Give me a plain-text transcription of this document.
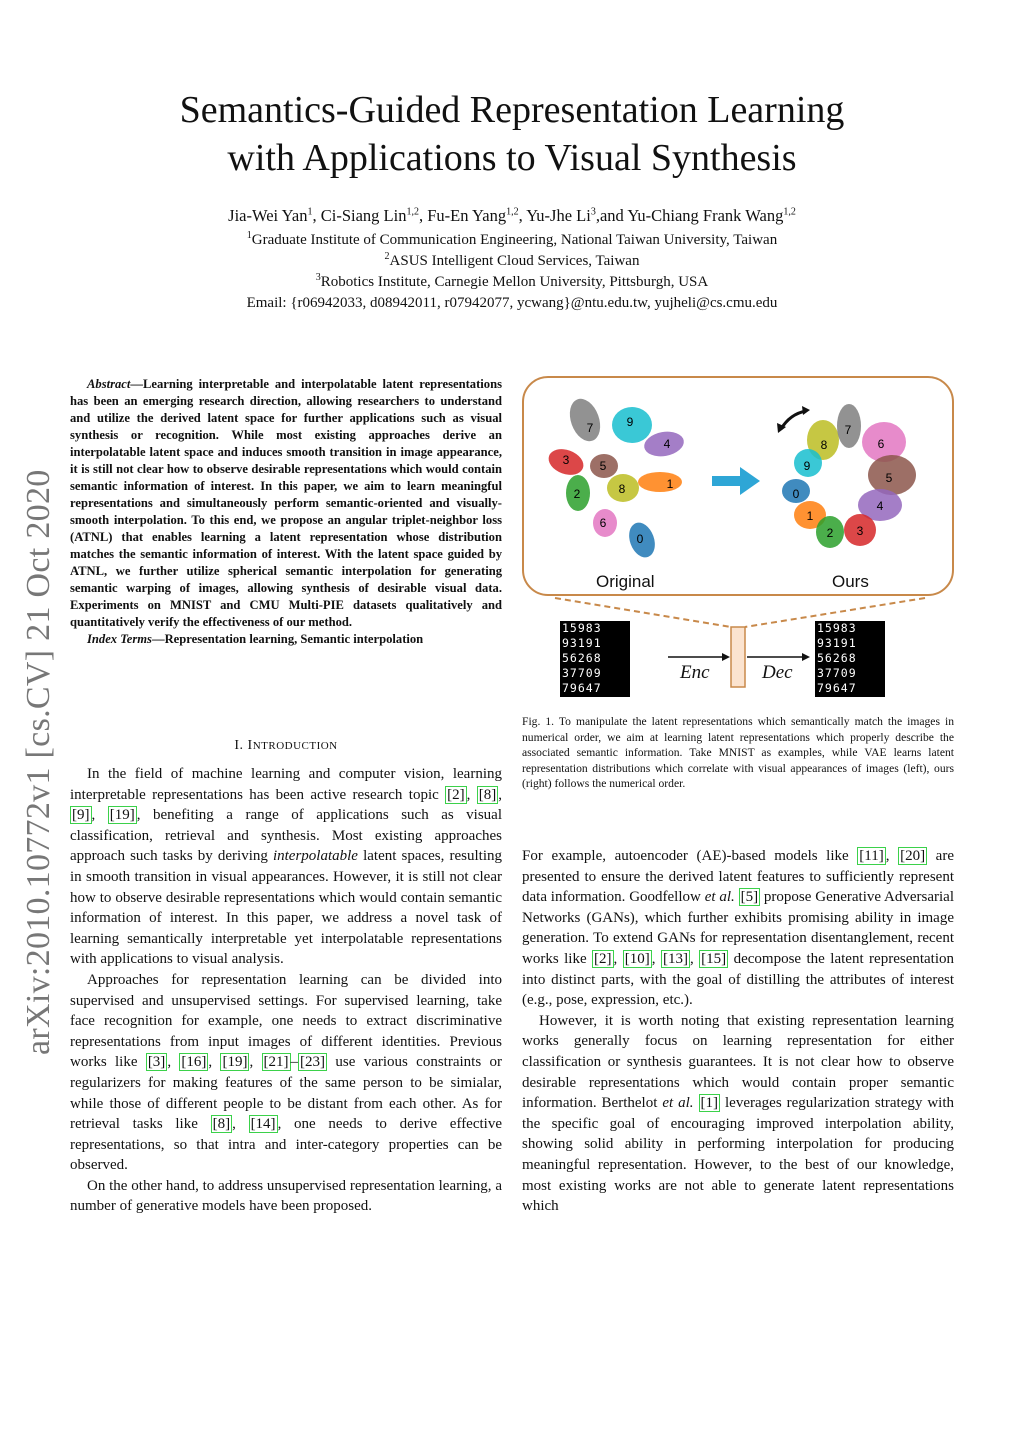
Semantics-Guided Representation Learning
with Applications to Visual Synthesis
Jia-Wei Yan$^1$, Ci-Siang Lin$^{1,2}$, Fu-En Yang$^{1,2}$, Yu-Jhe Li$^3$,and Yu-Chiang Frank Wang$^{1,2}$
$^1$Graduate Institute of Communication Engineering, National Taiwan University, Taiwan
$^2$ASUS Intelligent Cloud Services, Taiwan
$^3$Robotics Institute, Carnegie Mellon University, Pittsburgh, USA
Email: {r06942033, d08942011, r07942077, ycwang}@ntu.edu.tw, yujheli@cs.cmu.edu
arXiv:2010.10772v1 [cs.CV] 21 Oct 2020
Abstract—Learning interpretable and interpolatable latent representations has been an emerging research direction, allowing researchers to understand and utilize the derived latent space for further applications such as visual synthesis or recognition. While most existing approaches derive an interpolatable latent space and induces smooth transition in image appearance, it is still not clear how to observe desirable representations which would contain semantic information of interest. In this paper, we aim to learn meaningful representations and simultaneously perform semantic-oriented and visually-smooth interpolation. To this end, we propose an angular triplet-neighbor loss (ATNL) that enables learning a latent representation whose distribution matches the semantic information of interest. With the latent space guided by ATNL, we further utilize spherical semantic interpolation for generating semantic warping of images, allowing synthesis of desirable visual data. Experiments on MNIST and CMU Multi-PIE datasets qualitatively and quantitatively verify the effectiveness of our method.
Index Terms—Representation learning, Semantic interpolation
I. INTRODUCTION

In the field of machine learning and computer vision, learning interpretable representations has been active research topic [2] , [8] , [9] , [19] , benefiting a range of applications such as visual classification, retrieval and synthesis. Most existing approaches approach such tasks by deriving interpolatable latent spaces, resulting in smooth transition in visual appearances. However, it is still not clear how to observe desirable representations which would contain semantic information of interest. In this paper, we address a novel task of learning semantically interpretable yet interpolatable representations with applications to visual analysis.

Approaches for representation learning can be divided into supervised and unsupervised settings. For supervised learning, take face recognition for example, one needs to extract discriminative representations from input images of different identities. Previous works like [3] , [16] , [19] , [21] – [23] use various constraints or regularizers for making features of the same person to be simialar, while those of different people to be distant from each other. As for retrieval tasks like [8] , [14] , one needs to derive effective representations, so that intra and inter-category properties can be observed.

On the other hand, to address unsupervised representation learning, a number of generative models have been proposed.

7	9
3	5
4
2	8	1
6
0
8
7
6
9
5
0
4
1
2 3
Original	Ours
15983
93191
56268
37709
79647
15983
93191
56268
37709
79647
Enc	Dec
Fig. 1. To manipulate the latent representations which semantically match the images in numerical order, we aim at learning latent representations which properly describe the associated semantic information. Take MNIST as examples, while VAE learns latent representation distributions which correlate with visual appearances of images (left), ours (right) follows the numerical order.

For example, autoencoder (AE)-based models like [11] , [20] are presented to ensure the derived latent features to sufficiently represent data information. Goodfellow et al. [5] propose Generative Adversarial Networks (GANs), which further exhibits promising ability in image generation. To extend GANs for representation disentanglement, recent works like [2] , [10] , [13] , [15] decompose the latent representation into distinct parts, with the goal of distilling the attributes of interest (e.g., pose, expression, etc.).

However, it is worth noting that existing representation learning works generally focus on learning representation for either classification or synthesis guarantees. It is not clear how to observe desirable representations which would contain proper semantic information. Berthelot et al. [1] leverages regularization strategy with the specific goal of encouraging improved interpolation ability, showing solid ability in performing interpolation for producing meaningful representation. However, to the best of our knowledge, most existing works are not able to generate latent representations which
